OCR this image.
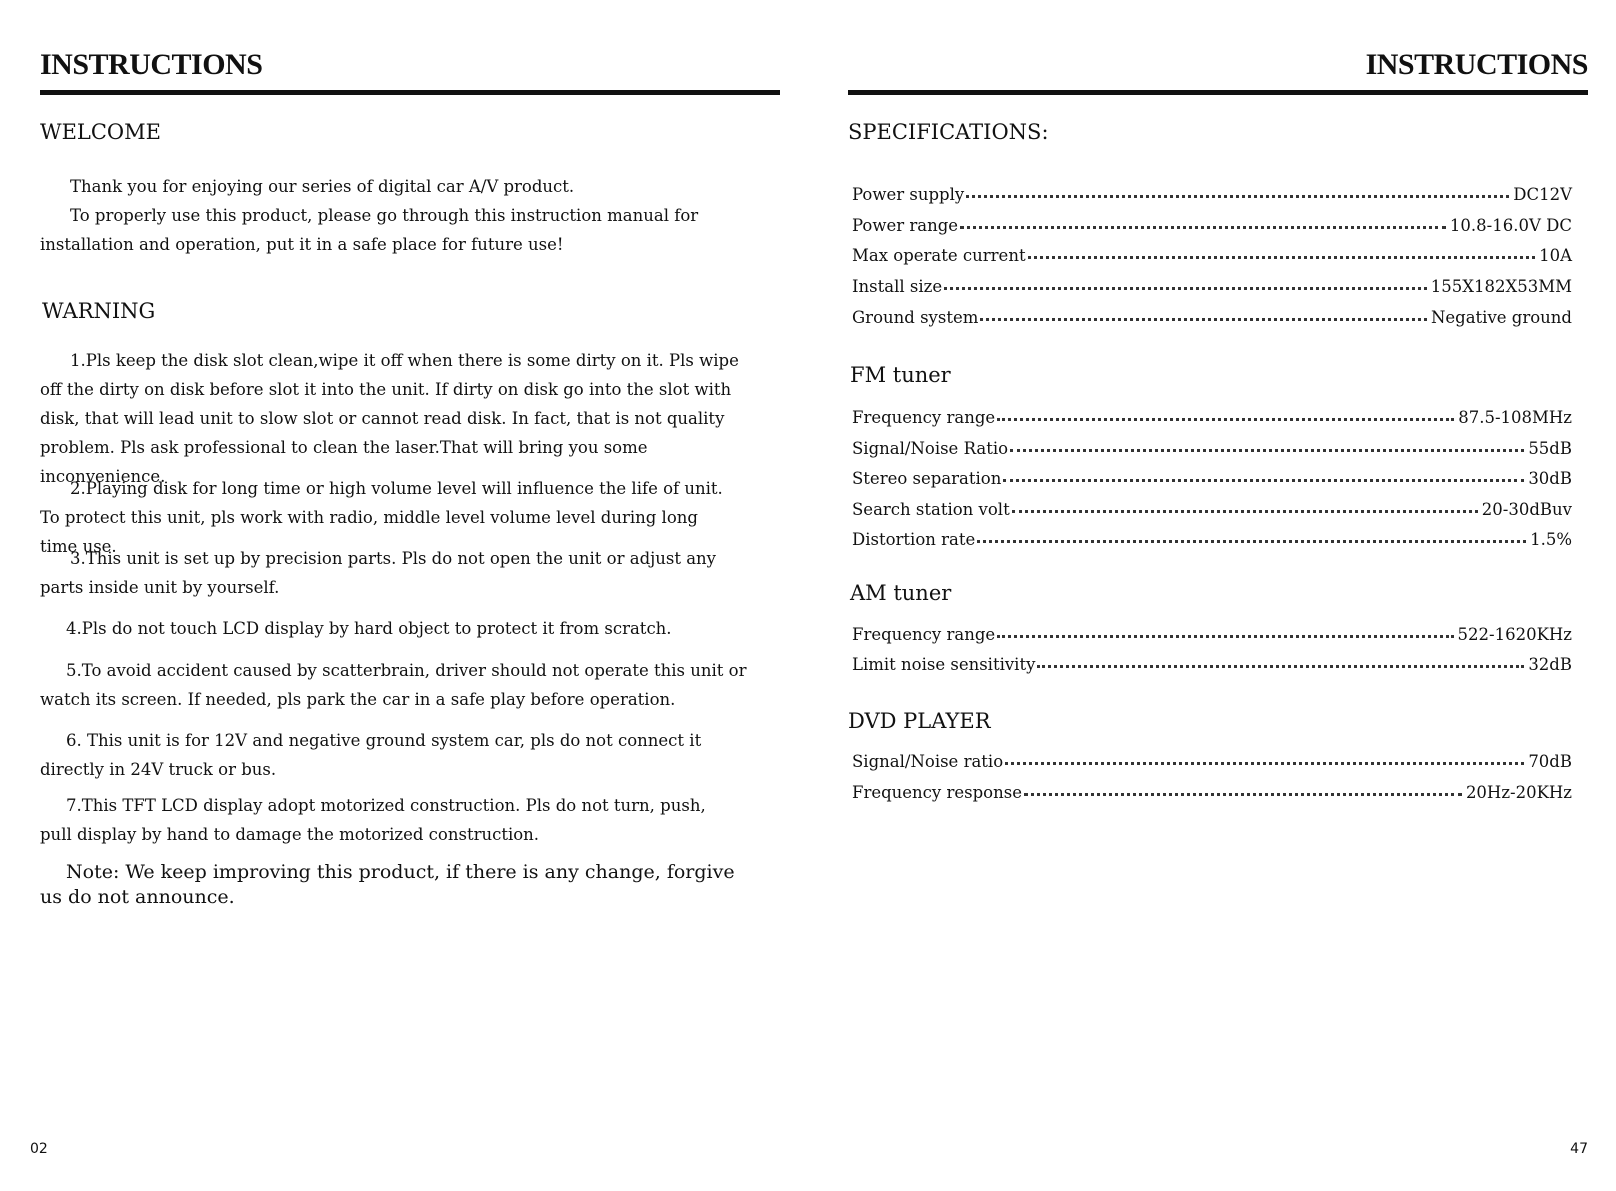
INSTRUCTIONS
WELCOME

Thank you for enjoying our series of digital car A/V product.

To properly use this product, please go through this instruction manual for installation and operation, put it in a safe place for future use!

WARNING

1.Pls keep the disk slot clean,wipe it off when there is some dirty on it. Pls wipe off the dirty on disk before slot it into the unit. If dirty on disk go into the slot with disk, that will lead unit to slow slot or cannot read disk. In fact, that is not quality problem. Pls ask professional to clean the laser.That will bring you some inconvenience.

2.Playing disk for long time or high volume level will influence the life of unit. To protect this unit, pls work with radio, middle level volume level during long time use.

3.This unit is set up by precision parts. Pls do not open the unit or adjust any parts inside unit by yourself.

4.Pls do not touch LCD display by hard object to protect it from scratch.

5.To avoid accident caused by scatterbrain, driver should not operate this unit or watch its screen. If needed, pls park the car in a safe play before operation.

6. This unit is for 12V and negative ground system car, pls do not connect it directly in 24V truck or bus.

7.This TFT LCD display adopt motorized construction. Pls do not turn, push, pull display by hand to damage the motorized construction.

Note: We keep improving this product, if there is any change, forgive us do not announce.

02
INSTRUCTIONS
SPECIFICATIONS:
Power supply	DC12V
Power range	10.8-16.0V DC
Max operate current	10A
Install size	155X182X53MM
Ground system	Negative ground
FM tuner
Frequency range	87.5-108MHz
Signal/Noise Ratio	55dB
Stereo separation	30dB
Search station volt	20-30dBuv
Distortion rate	1.5%
AM tuner
Frequency range	522-1620KHz
Limit noise sensitivity	32dB
DVD PLAYER
Signal/Noise ratio	70dB
Frequency response	20Hz-20KHz
47
